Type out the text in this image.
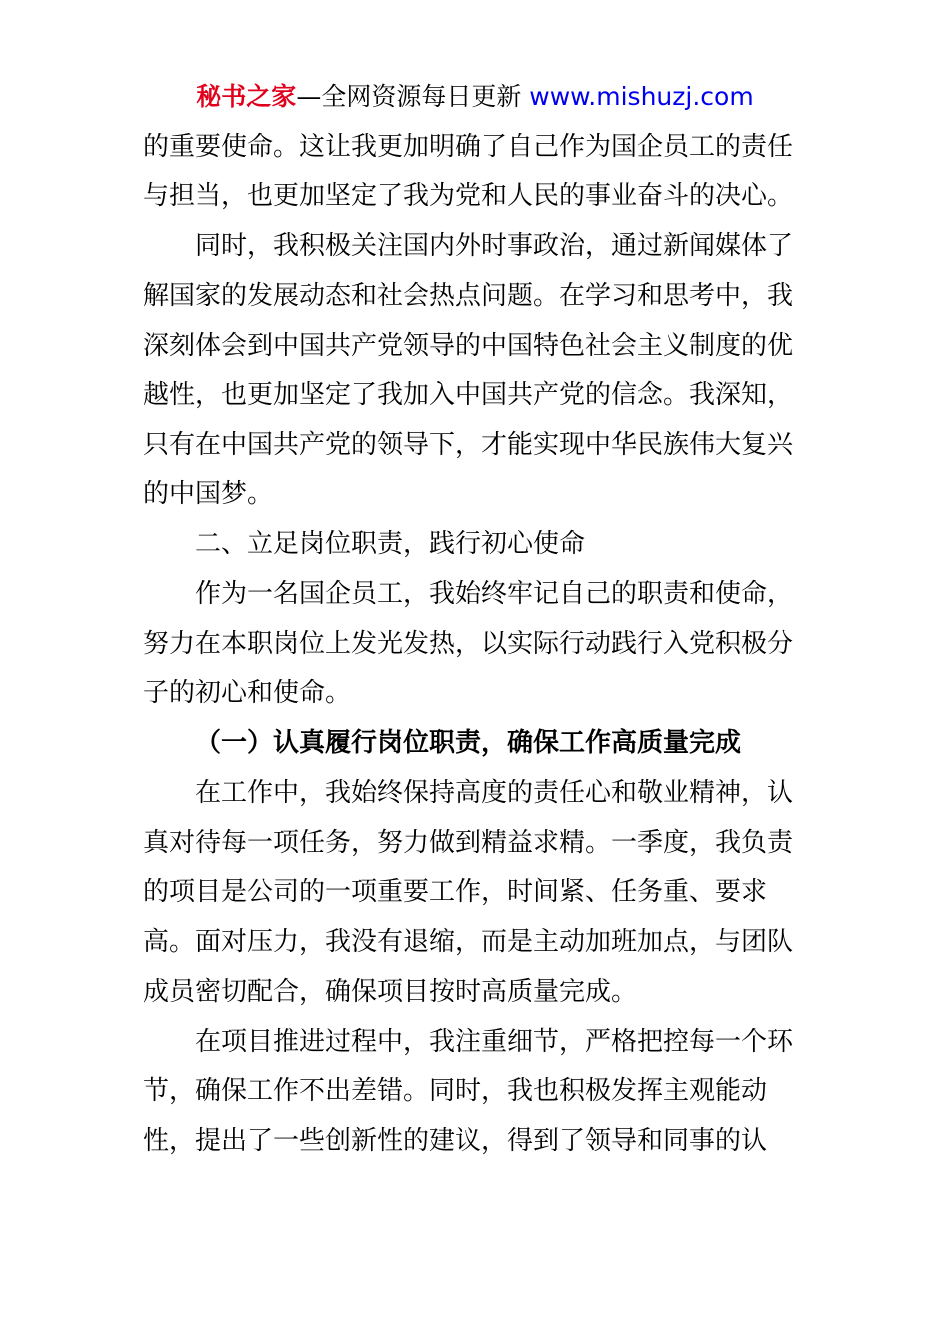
秘书之家—全网资源每日更新 www.mishuzj.com
的重要使命。这让我更加明确了自己作为国企员工的责任
与担当，也更加坚定了我为党和人民的事业奋斗的决心。
同时，我积极关注国内外时事政治，通过新闻媒体了
解国家的发展动态和社会热点问题。在学习和思考中，我
深刻体会到中国共产党领导的中国特色社会主义制度的优
越性，也更加坚定了我加入中国共产党的信念。我深知，
只有在中国共产党的领导下，才能实现中华民族伟大复兴
的中国梦。
二、立足岗位职责，践行初心使命
作为一名国企员工，我始终牢记自己的职责和使命，
努力在本职岗位上发光发热，以实际行动践行入党积极分
子的初心和使命。
（一）认真履行岗位职责，确保工作高质量完成
在工作中，我始终保持高度的责任心和敬业精神，认
真对待每一项任务，努力做到精益求精。一季度，我负责
的项目是公司的一项重要工作，时间紧、任务重、要求
高。面对压力，我没有退缩，而是主动加班加点，与团队
成员密切配合，确保项目按时高质量完成。
在项目推进过程中，我注重细节，严格把控每一个环
节，确保工作不出差错。同时，我也积极发挥主观能动
性，提出了一些创新性的建议，得到了领导和同事的认
